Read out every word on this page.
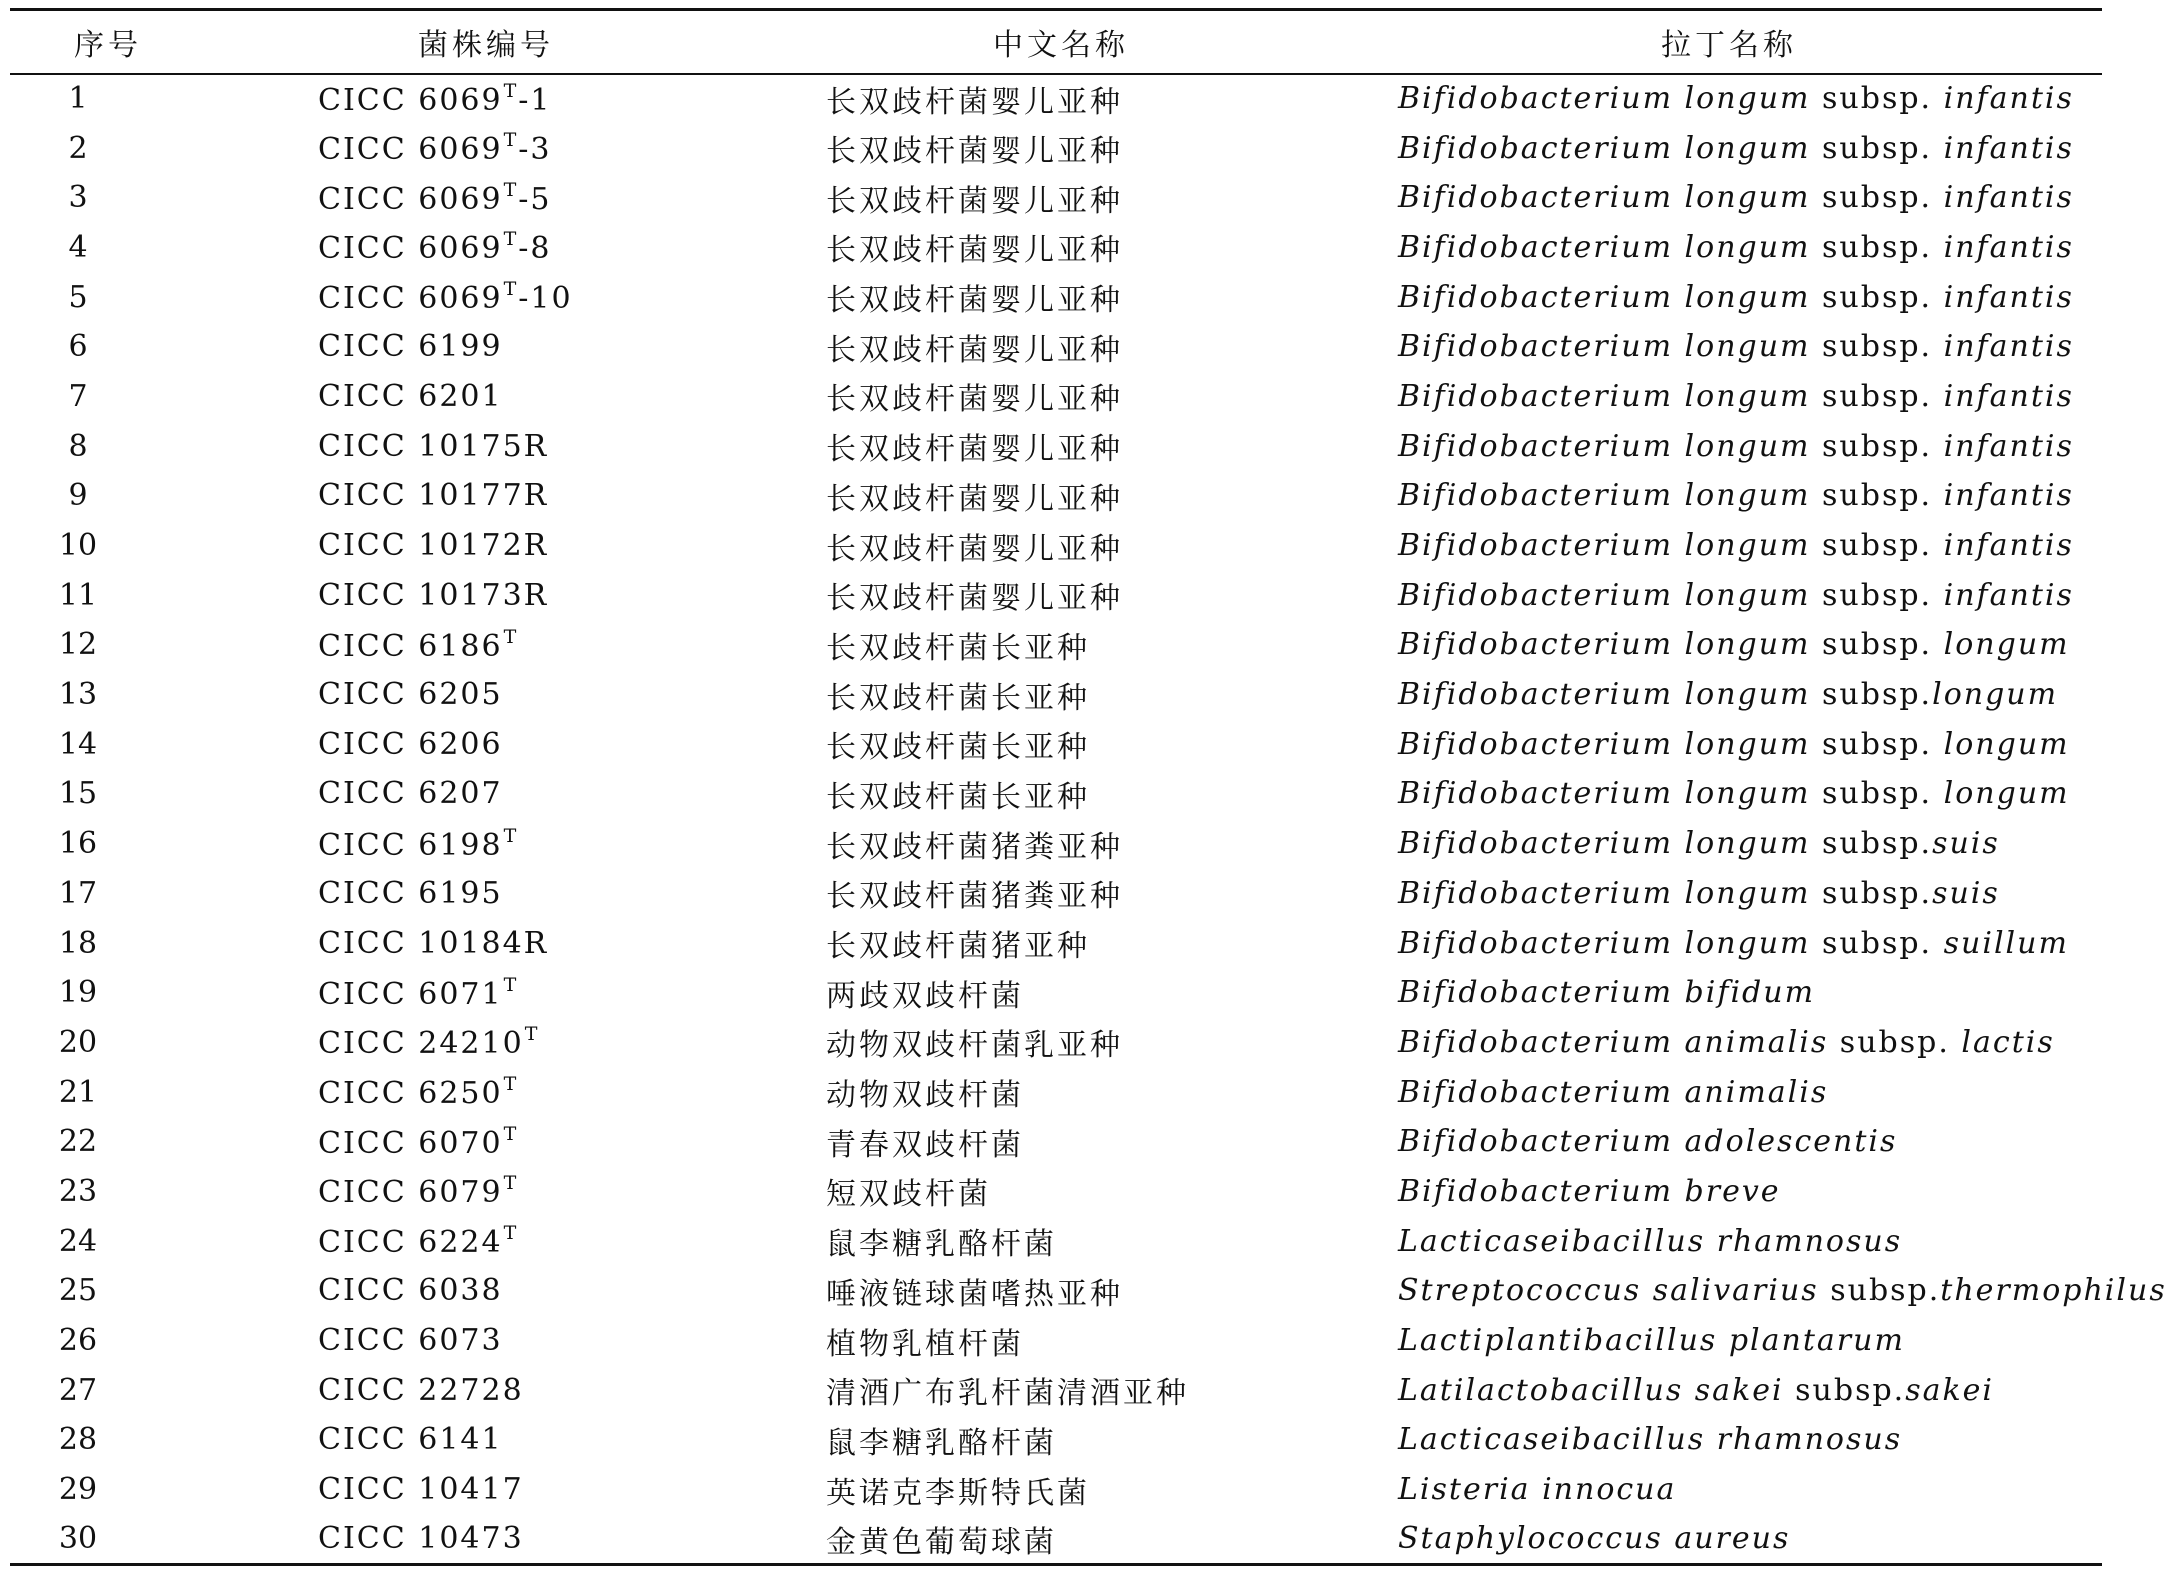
序号	菌株编号	中文名称	拉丁名称
1	CICC $6069^T-1$	长双歧杆菌婴儿亚种	Bifidobacterium longum subsp. infantis
2	CICC $6069^T-3$	长双歧杆菌婴儿亚种	Bifidobacterium longum subsp. infantis
3	CICC $6069^T-5$	长双歧杆菌婴儿亚种	Bifidobacterium longum subsp. infantis
4	CICC $6069^T-8$	长双歧杆菌婴儿亚种	Bifidobacterium longum subsp. infantis
5	CICC $6069^T-10$	长双歧杆菌婴儿亚种	Bifidobacterium longum subsp. infantis
6	CICC 6199	长双歧杆菌婴儿亚种	Bifidobacterium longum subsp. infantis
7	CICC 6201	长双歧杆菌婴儿亚种	Bifidobacterium longum subsp. infantis
8	CICC 10175R	长双歧杆菌婴儿亚种	Bifidobacterium longum subsp. infantis
9	CICC 10177R	长双歧杆菌婴儿亚种	Bifidobacterium longum subsp. infantis
10	CICC 10172R	长双歧杆菌婴儿亚种	Bifidobacterium longum subsp. infantis
11	CICC 10173R	长双歧杆菌婴儿亚种	Bifidobacterium longum subsp. infantis
12	CICC $6186^T$	长双歧杆菌长亚种	Bifidobacterium longum subsp. longum
13	CICC 6205	长双歧杆菌长亚种	Bifidobacterium longum subsp.longum
14	CICC 6206	长双歧杆菌长亚种	Bifidobacterium longum subsp. longum
15	CICC 6207	长双歧杆菌长亚种	Bifidobacterium longum subsp. longum
16	CICC $6198^T$	长双歧杆菌猪粪亚种	Bifidobacterium longum subsp.suis
17	CICC 6195	长双歧杆菌猪粪亚种	Bifidobacterium longum subsp.suis
18	CICC 10184R	长双歧杆菌猪亚种	Bifidobacterium longum subsp. suillum
19	CICC $6071^T$	两歧双歧杆菌	Bifidobacterium bifidum
20	CICC $24210^T$	动物双歧杆菌乳亚种	Bifidobacterium animalis subsp. lactis
21	CICC $6250^T$	动物双歧杆菌	Bifidobacterium animalis
22	CICC $6070^T$	青春双歧杆菌	Bifidobacterium adolescentis
23	CICC $6079^T$	短双歧杆菌	Bifidobacterium breve
24	CICC $6224^T$	鼠李糖乳酪杆菌	Lacticaseibacillus rhamnosus
25	CICC 6038	唾液链球菌嗜热亚种	Streptococcus salivarius subsp.thermophilus
26	CICC 6073	植物乳植杆菌	Lactiplantibacillus plantarum
27	CICC 22728	清酒广布乳杆菌清酒亚种	Latilactobacillus sakei subsp.sakei
28	CICC 6141	鼠李糖乳酪杆菌	Lacticaseibacillus rhamnosus
29	CICC 10417	英诺克李斯特氏菌	Listeria innocua
30	CICC 10473	金黄色葡萄球菌	Staphylococcus aureus
